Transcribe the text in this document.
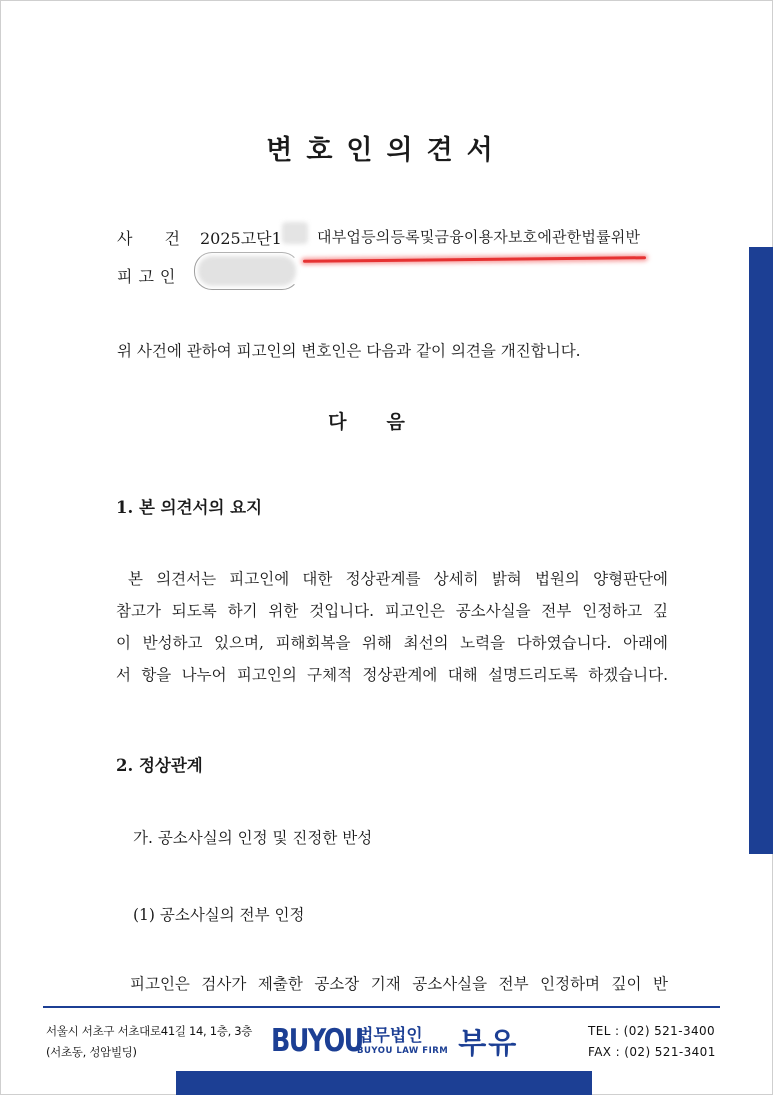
변호인의견서
사건
2025고단1 대부업등의등록및금융이용자보호에관한법률위반
피고인
위 사건에 관하여 피고인의 변호인은 다음과 같이 의견을 개진합니다.
다음
1. 본 의견서의 요지
본 의견서는 피고인에 대한 정상관계를 상세히 밝혀 법원의 양형판단에
참고가 되도록 하기 위한 것입니다. 피고인은 공소사실을 전부 인정하고 깊
이 반성하고 있으며, 피해회복을 위해 최선의 노력을 다하였습니다. 아래에
서 항을 나누어 피고인의 구체적 정상관계에 대해 설명드리도록 하겠습니다.
2. 정상관계
가. 공소사실의 인정 및 진정한 반성
(1) 공소사실의 전부 인정
피고인은 검사가 제출한 공소장 기재 공소사실을 전부 인정하며 깊이 반
서울시 서초구 서초대로41길 14, 1층, 3층
(서초동, 성암빌딩)	BUYOU
법무법인
BUYOU LAW FIRM 부유	TEL : (02) 521-3400
FAX : (02) 521-3401
